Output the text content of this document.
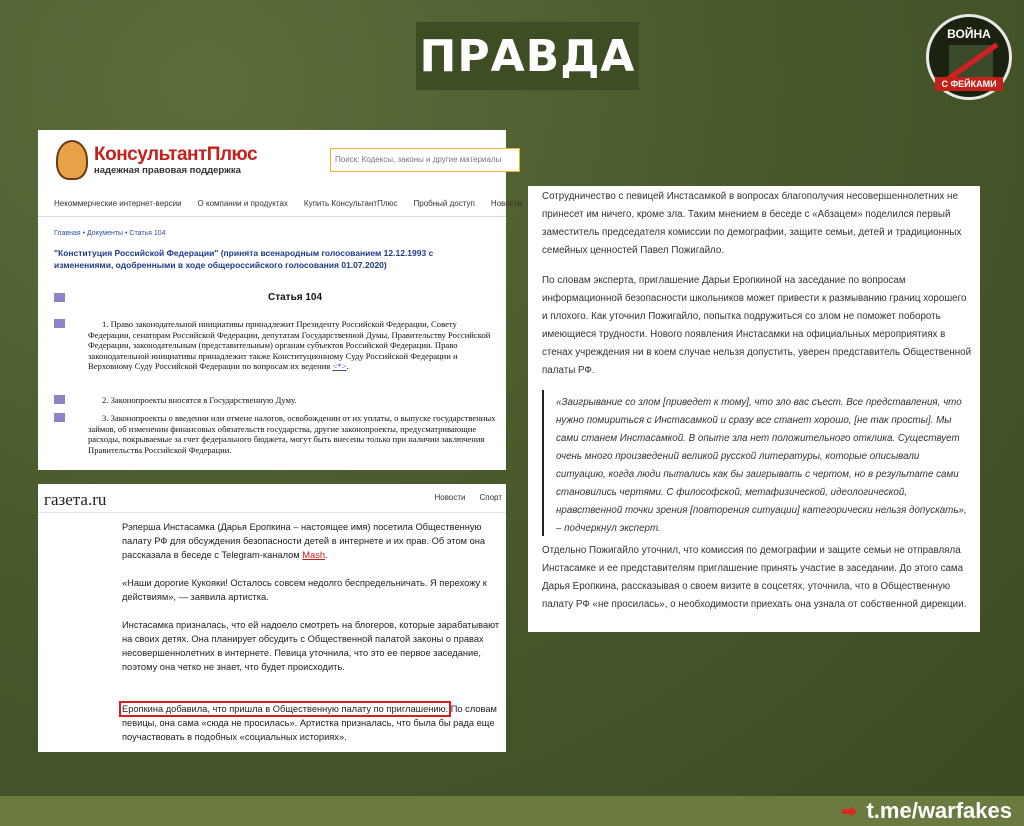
ПРАВДА	ВОЙНА
С ФЕЙКАМИ
КонсультантПлюс
надежная правовая поддержка
Поиск: Кодексы, законы и другие материалы
Некоммерческие интернет-версии О компании и продуктах Купить КонсультантПлюс Пробный доступ Новости
Главная • Документы • Статья 104
"Конституция Российской Федерации" (принята всенародным голосованием 12.12.1993 с изменениями, одобренными в ходе общероссийского голосования 01.07.2020)
Статья 104
1. Право законодательной инициативы принадлежит Президенту Российской Федерации, Совету Федерации, сенаторам Российской Федерации, депутатам Государственной Думы, Правительству Российской Федерации, законодательным (представительным) органам субъектов Российской Федерации. Право законодательной инициативы принадлежит также Конституционному Суду Российской Федерации и Верховному Суду Российской Федерации по вопросам их ведения <*>.
2. Законопроекты вносятся в Государственную Думу.
3. Законопроекты о введении или отмене налогов, освобождении от их уплаты, о выпуске государственных займов, об изменении финансовых обязательств государства, другие законопроекты, предусматривающие расходы, покрываемые за счет федерального бюджета, могут быть внесены только при наличии заключения Правительства Российской Федерации.
газета.ru	Новости Спорт
Рэперша Инстасамка (Дарья Еропкина – настоящее имя) посетила Общественную палату РФ для обсуждения безопасности детей в интернете и их прав. Об этом она рассказала в беседе с Telegram-каналом Mash.
«Наши дорогие Кукояки! Осталось совсем недолго беспредельничать. Я перехожу к действиям», — заявила артистка.
Инстасамка призналась, что ей надоело смотреть на блогеров, которые зарабатывают на своих детях. Она планирует обсудить с Общественной палатой законы о правах несовершеннолетних в интернете. Певица уточнила, что это ее первое заседание, поэтому она четко не знает, что будет происходить.
Еропкина добавила, что пришла в Общественную палату по приглашению. По словам певицы, она сама «сюда не просилась». Артистка призналась, что была бы рада еще поучаствовать в подобных «социальных историях».
Сотрудничество с певицей Инстасамкой в вопросах благополучия несовершеннолетних не принесет им ничего, кроме зла. Таким мнением в беседе с «Абзацем» поделился первый заместитель председателя комиссии по демографии, защите семьи, детей и традиционных семейных ценностей Павел Пожигайло.
По словам эксперта, приглашение Дарьи Еропкиной на заседание по вопросам информационной безопасности школьников может привести к размыванию границ хорошего и плохого. Как уточнил Пожигайло, попытка подружиться со злом не поможет побороть имеющиеся трудности. Нового появления Инстасамки на официальных мероприятиях в стенах учреждения ни в коем случае нельзя допустить, уверен представитель Общественной палаты РФ.
«Заигрывание со злом [приведет к тому], что зло вас съест. Все представления, что нужно помириться с Инстасамкой и сразу все станет хорошо, [не так просты]. Мы сами станем Инстасамкой. В опыте зла нет положительного отклика. Существует очень много произведений великой русской литературы, которые описывали ситуацию, когда люди пытались как бы заигрывать с чертом, но в результате сами становились чертями. С философской, метафизической, идеологической, нравственной точки зрения [повторения ситуации] категорически нельзя допускать», – подчеркнул эксперт.
Отдельно Пожигайло уточнил, что комиссия по демографии и защите семьи не отправляла Инстасамке и ее представителям приглашение принять участие в заседании. До этого сама Дарья Еропкина, рассказывая о своем визите в соцсетях, уточнила, что в Общественную палату РФ «не просилась», о необходимости приехать она узнала от собственной дирекции.
➡ t.me/warfakes
